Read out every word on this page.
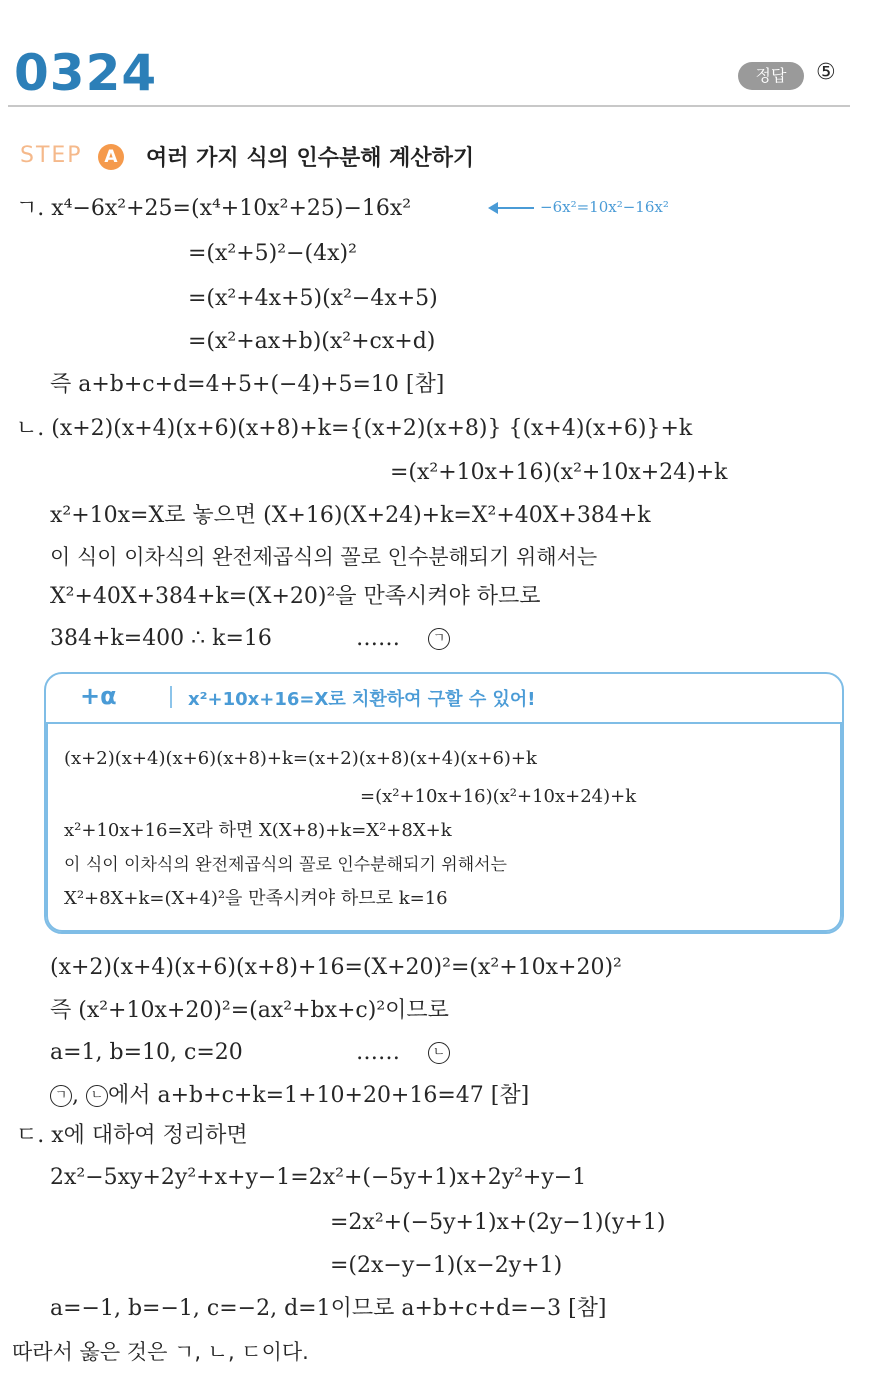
0324	정답	⑤
STEP	A 여러 가지 식의 인수분해 계산하기
ㄱ. x⁴−6x²+25=(x⁴+10x²+25)−16x²	−6x²=10x²−16x²
=(x²+5)²−(4x)²
=(x²+4x+5)(x²−4x+5)
=(x²+ax+b)(x²+cx+d)
즉 a+b+c+d=4+5+(−4)+5=10 [참]
ㄴ. (x+2)(x+4)(x+6)(x+8)+k={(x+2)(x+8)} {(x+4)(x+6)}+k
=(x²+10x+16)(x²+10x+24)+k
x²+10x=X로 놓으면 (X+16)(X+24)+k=X²+40X+384+k
이 식이 이차식의 완전제곱식의 꼴로 인수분해되기 위해서는
X²+40X+384+k=(X+20)²을 만족시켜야 하므로
384+k=400 ∴ k=16	……	ㄱ
+α	x²+10x+16=X로 치환하여 구할 수 있어!
(x+2)(x+4)(x+6)(x+8)+k=(x+2)(x+8)(x+4)(x+6)+k
=(x²+10x+16)(x²+10x+24)+k
x²+10x+16=X라 하면 X(X+8)+k=X²+8X+k
이 식이 이차식의 완전제곱식의 꼴로 인수분해되기 위해서는
X²+8X+k=(X+4)²을 만족시켜야 하므로 k=16
(x+2)(x+4)(x+6)(x+8)+16=(X+20)²=(x²+10x+20)²
즉 (x²+10x+20)²=(ax²+bx+c)²이므로
a=1, b=10, c=20	……	ㄴ
ㄱ , ㄴ 에서 a+b+c+k=1+10+20+16=47 [참]
ㄷ. x에 대하여 정리하면
2x²−5xy+2y²+x+y−1=2x²+(−5y+1)x+2y²+y−1
=2x²+(−5y+1)x+(2y−1)(y+1)
=(2x−y−1)(x−2y+1)
a=−1, b=−1, c=−2, d=1이므로 a+b+c+d=−3 [참]
따라서 옳은 것은 ㄱ, ㄴ, ㄷ이다.
